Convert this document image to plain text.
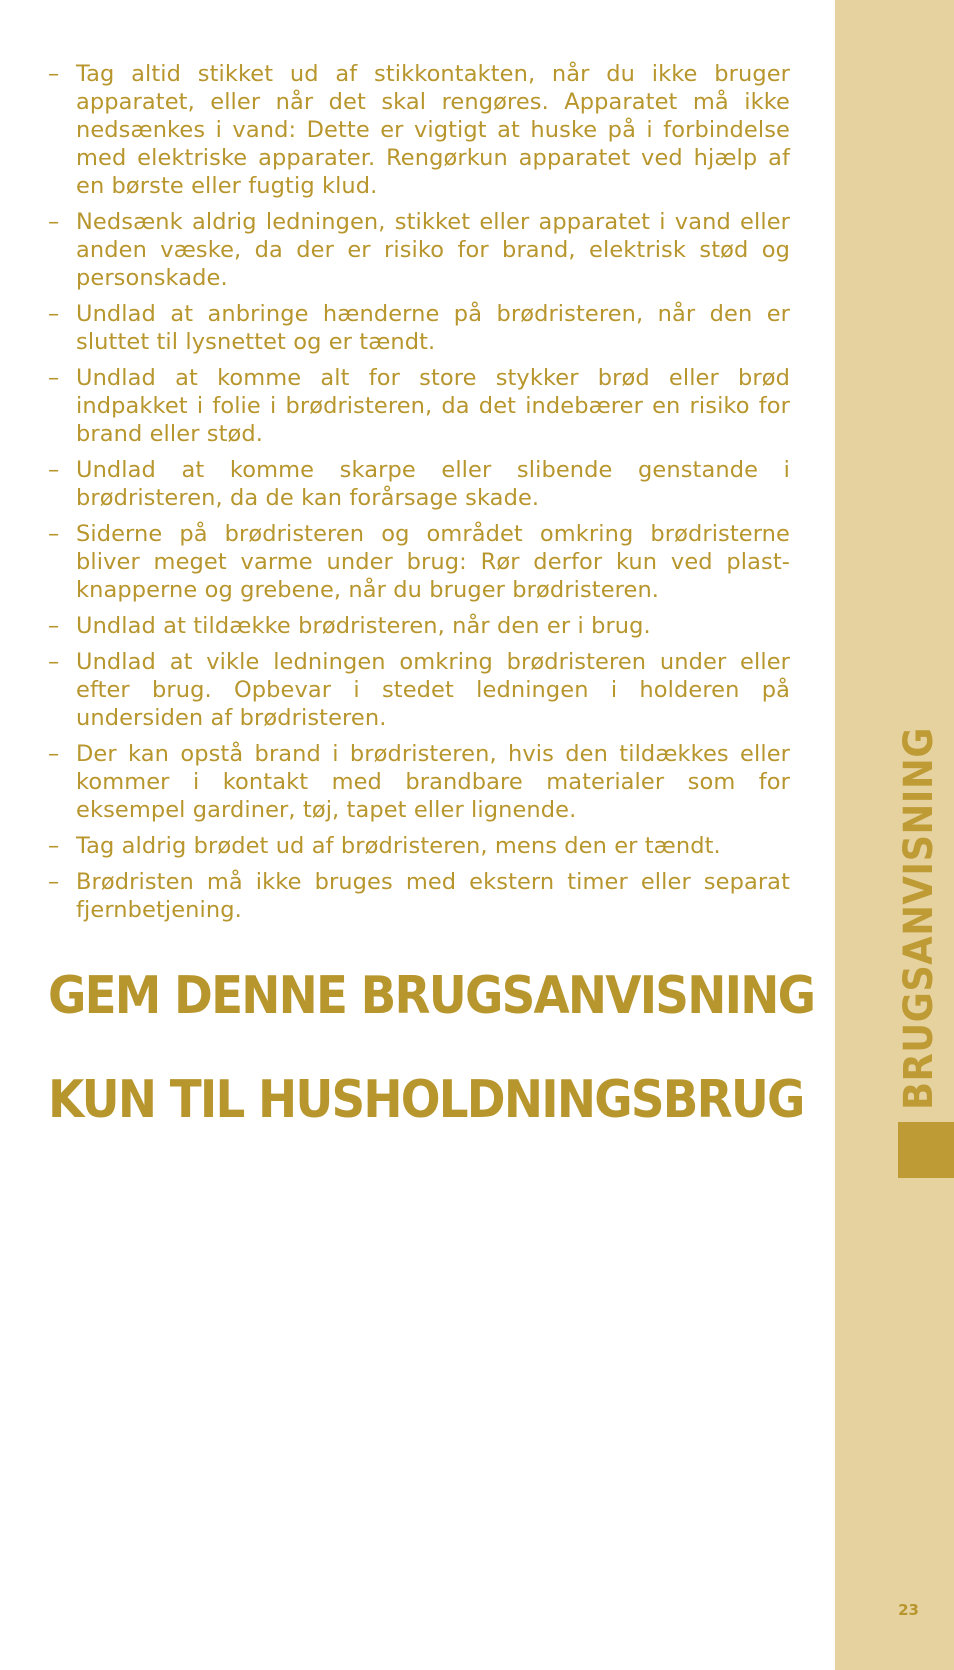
– Tag altid stikket ud af stikkontakten, når du ikke bruger apparatet, eller når det skal rengøres. Apparatet må ikke nedsænkes i vand: Dette er vigtigt at huske på i forbindelse med elektriske apparater. Rengørkun apparatet ved hjælp af en børste eller fugtig klud.
– Nedsænk aldrig ledningen, stikket eller apparatet i vand eller anden væske, da der er risiko for brand, elektrisk stød og personskade.
– Undlad at anbringe hænderne på brødristeren, når den er sluttet til lysnettet og er tændt.
– Undlad at komme alt for store stykker brød eller brød indpakket i folie i brødristeren, da det indebærer en risiko for brand eller stød.
– Undlad at komme skarpe eller slibende genstande i brødristeren, da de kan forårsage skade.
– Siderne på brødristeren og området omkring brødristerne bliver meget varme under brug: Rør derfor kun ved plast-knapperne og grebene, når du bruger brødristeren.
– Undlad at tildække brødristeren, når den er i brug.
– Undlad at vikle ledningen omkring brødristeren under eller efter brug. Opbevar i stedet ledningen i holderen på undersiden af brødristeren.
– Der kan opstå brand i brødristeren, hvis den tildækkes eller kommer i kontakt med brandbare materialer som for eksempel gardiner, tøj, tapet eller lignende.
– Tag aldrig brødet ud af brødristeren, mens den er tændt.
– Brødristen må ikke bruges med ekstern timer eller separat fjernbetjening.
GEM DENNE BRUGSANVISNING
KUN TIL HUSHOLDNINGSBRUG BRUGSANVISNING
23
